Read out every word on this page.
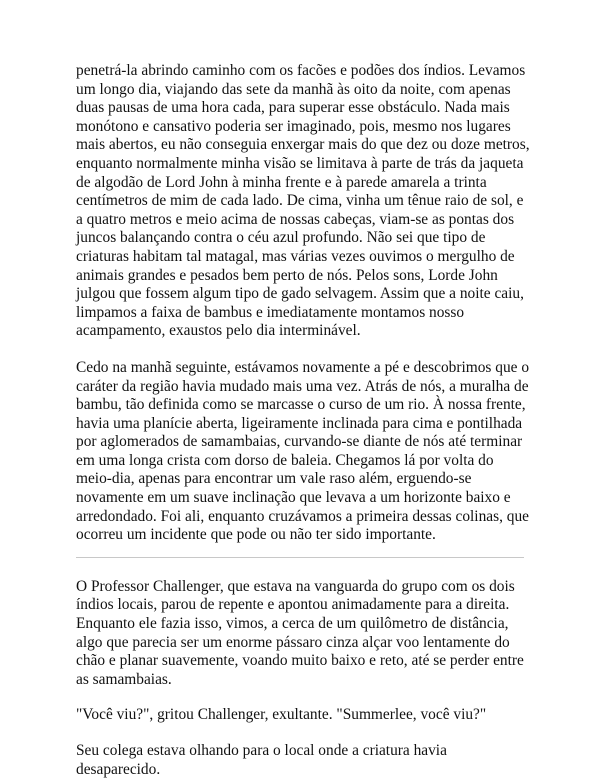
penetrá-la abrindo caminho com os facões e podões dos índios. Levamos um longo dia, viajando das sete da manhã às oito da noite, com apenas duas pausas de uma hora cada, para superar esse obstáculo. Nada mais monótono e cansativo poderia ser imaginado, pois, mesmo nos lugares mais abertos, eu não conseguia enxergar mais do que dez ou doze metros, enquanto normalmente minha visão se limitava à parte de trás da jaqueta de algodão de Lord John à minha frente e à parede amarela a trinta centímetros de mim de cada lado. De cima, vinha um tênue raio de sol, e a quatro metros e meio acima de nossas cabeças, viam-se as pontas dos juncos balançando contra o céu azul profundo. Não sei que tipo de criaturas habitam tal matagal, mas várias vezes ouvimos o mergulho de animais grandes e pesados bem perto de nós. Pelos sons, Lorde John julgou que fossem algum tipo de gado selvagem. Assim que a noite caiu, limpamos a faixa de bambus e imediatamente montamos nosso acampamento, exaustos pelo dia interminável.

Cedo na manhã seguinte, estávamos novamente a pé e descobrimos que o caráter da região havia mudado mais uma vez. Atrás de nós, a muralha de bambu, tão definida como se marcasse o curso de um rio. À nossa frente, havia uma planície aberta, ligeiramente inclinada para cima e pontilhada por aglomerados de samambaias, curvando-se diante de nós até terminar em uma longa crista com dorso de baleia. Chegamos lá por volta do meio-dia, apenas para encontrar um vale raso além, erguendo-se novamente em um suave inclinação que levava a um horizonte baixo e arredondado. Foi ali, enquanto cruzávamos a primeira dessas colinas, que ocorreu um incidente que pode ou não ter sido importante.

O Professor Challenger, que estava na vanguarda do grupo com os dois índios locais, parou de repente e apontou animadamente para a direita. Enquanto ele fazia isso, vimos, a cerca de um quilômetro de distância, algo que parecia ser um enorme pássaro cinza alçar voo lentamente do chão e planar suavemente, voando muito baixo e reto, até se perder entre as samambaias.

"Você viu?", gritou Challenger, exultante. "Summerlee, você viu?"

Seu colega estava olhando para o local onde a criatura havia desaparecido.
